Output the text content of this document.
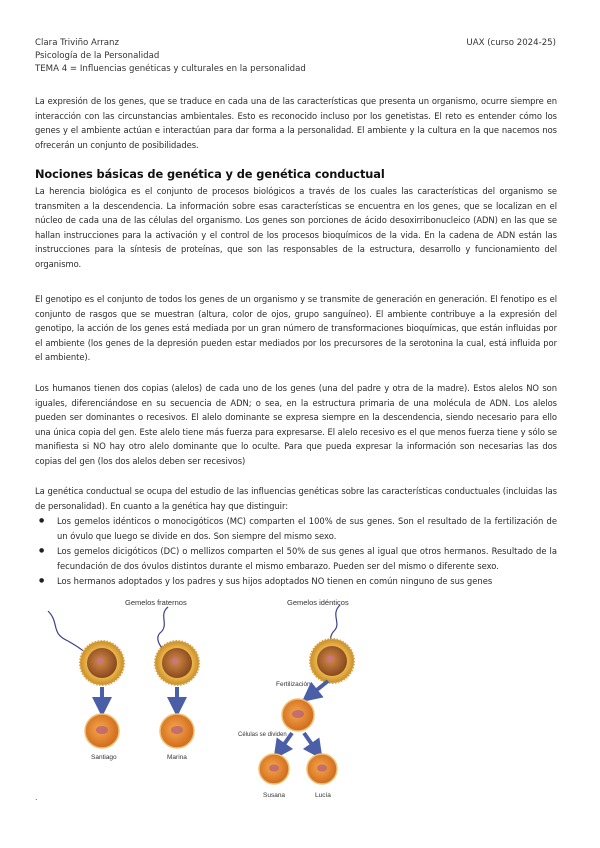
Clara Triviño Arranz
Psicología de la Personalidad
TEMA 4 = Influencias genéticas y culturales en la personalidad
UAX (curso 2024-25)
La expresión de los genes, que se traduce en cada una de las características que presenta un organismo, ocurre siempre en interacción con las circunstancias ambientales. Esto es reconocido incluso por los genetistas. El reto es entender cómo los genes y el ambiente actúan e interactúan para dar forma a la personalidad. El ambiente y la cultura en la que nacemos nos ofrecerán un conjunto de posibilidades.
Nociones básicas de genética y de genética conductual
La herencia biológica es el conjunto de procesos biológicos a través de los cuales las características del organismo se transmiten a la descendencia. La información sobre esas características se encuentra en los genes, que se localizan en el núcleo de cada una de las células del organismo. Los genes son porciones de ácido desoxirribonucleico (ADN) en las que se hallan instrucciones para la activación y el control de los procesos bioquímicos de la vida. En la cadena de ADN están las instrucciones para la síntesis de proteínas, que son las responsables de la estructura, desarrollo y funcionamiento del organismo.
El genotipo es el conjunto de todos los genes de un organismo y se transmite de generación en generación. El fenotipo es el conjunto de rasgos que se muestran (altura, color de ojos, grupo sanguíneo). El ambiente contribuye a la expresión del genotipo, la acción de los genes está mediada por un gran número de transformaciones bioquímicas, que están influidas por el ambiente (los genes de la depresión pueden estar mediados por los precursores de la serotonina la cual, está influida por el ambiente).
Los humanos tienen dos copias (alelos) de cada uno de los genes (una del padre y otra de la madre). Estos alelos NO son iguales, diferenciándose en su secuencia de ADN; o sea, en la estructura primaria de una molécula de ADN. Los alelos pueden ser dominantes o recesivos. El alelo dominante se expresa siempre en la descendencia, siendo necesario para ello una única copia del gen. Este alelo tiene más fuerza para expresarse. El alelo recesivo es el que menos fuerza tiene y sólo se manifiesta si NO hay otro alelo dominante que lo oculte. Para que pueda expresar la información son necesarias las dos copias del gen (los dos alelos deben ser recesivos)
La genética conductual se ocupa del estudio de las influencias genéticas sobre las características conductuales (incluidas las de personalidad). En cuanto a la genética hay que distinguir:
● Los gemelos idénticos o monocigóticos (MC) comparten el 100% de sus genes. Son el resultado de la fertilización de un óvulo que luego se divide en dos. Son siempre del mismo sexo.
● Los gemelos dicigóticos (DC) o mellizos comparten el 50% de sus genes al igual que otros hermanos. Resultado de la fecundación de dos óvulos distintos durante el mismo embarazo. Pueden ser del mismo o diferente sexo.
● Los hermanos adoptados y los padres y sus hijos adoptados NO tienen en común ninguno de sus genes
Gemelos fraternos	Gemelos idénticos
Santiago	Marina
Fertilización
Células se dividen
Susana	Lucía
.
